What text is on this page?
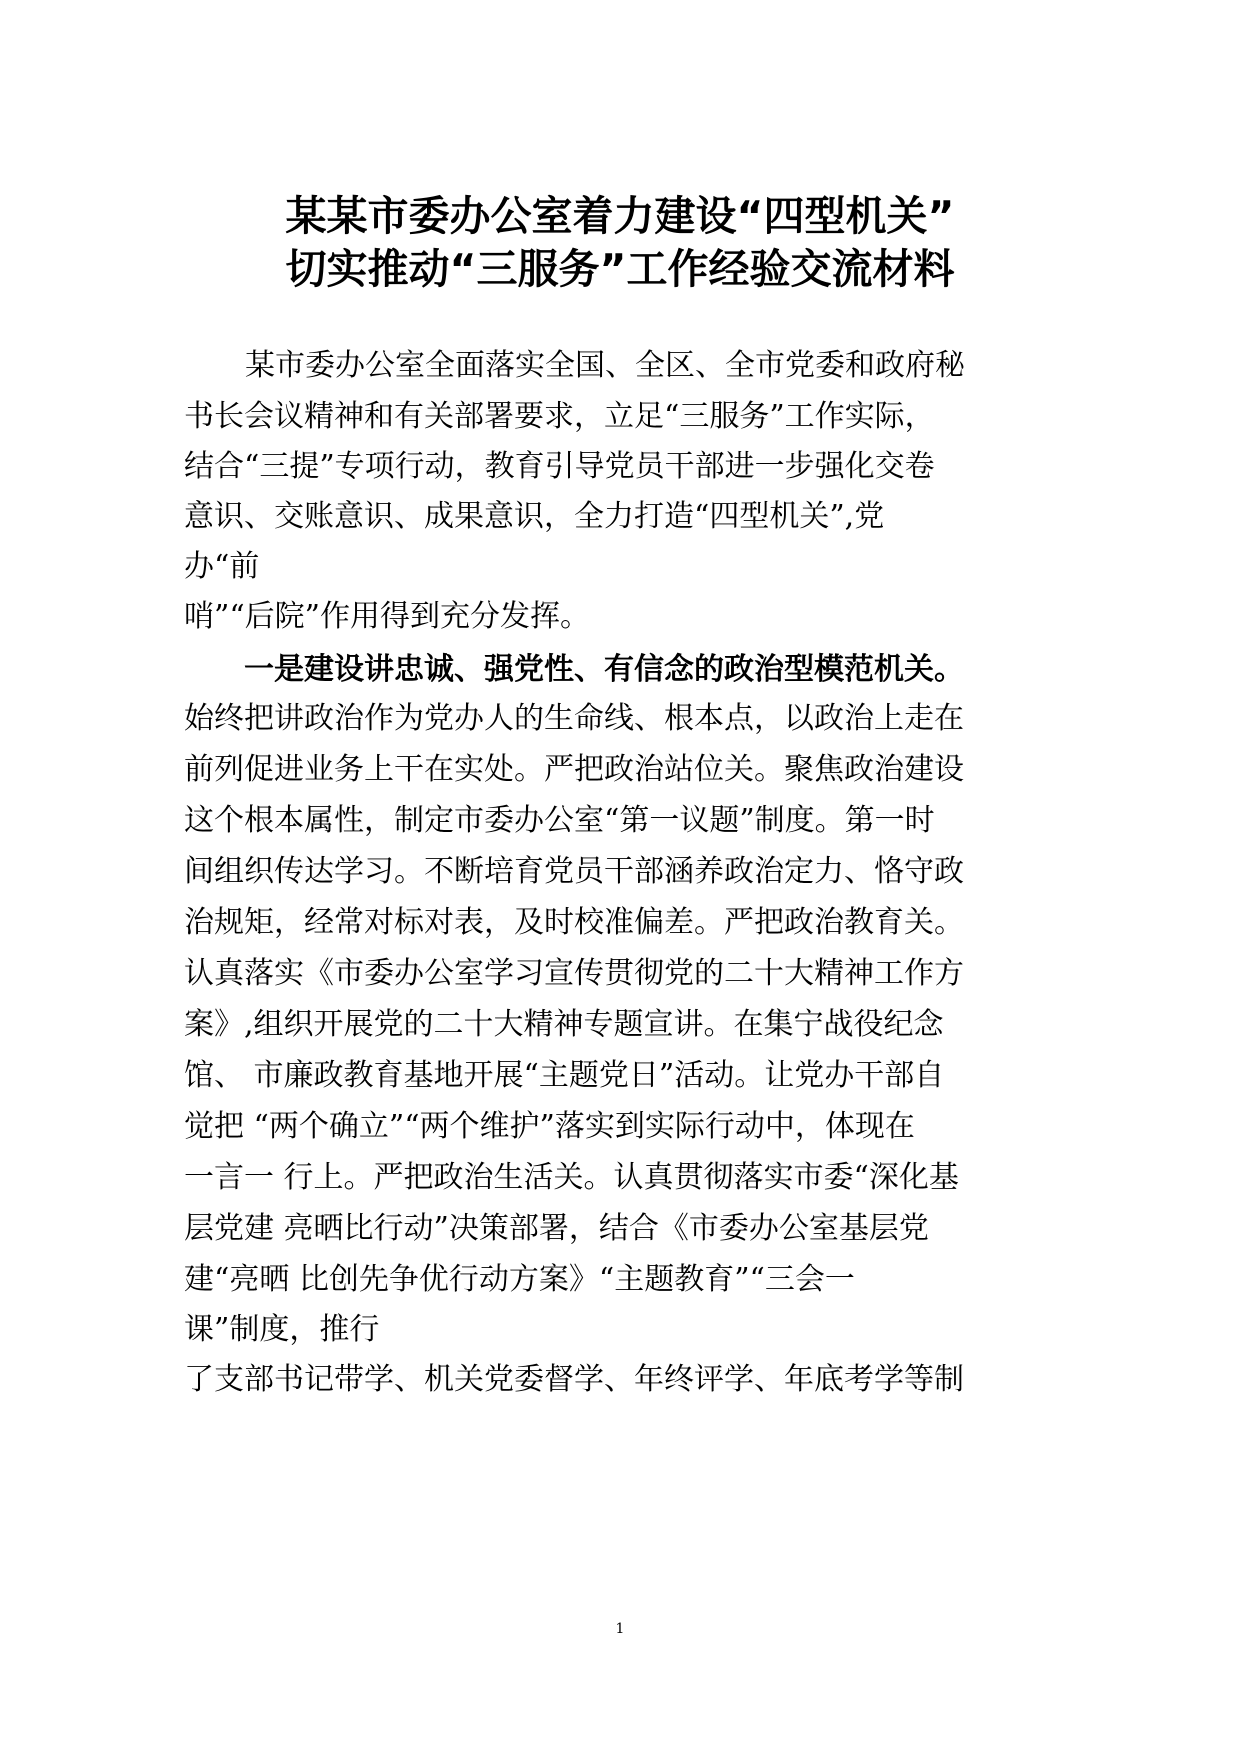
某某市委办公室着力建设“四型机关”
切实推动“三服务”工作经验交流材料
某市委办公室全面落实全国、全区、全市党委和政府秘
书长会议精神和有关部署要求，立足“三服务”工作实际，
结合“三提”专项行动，教育引导党员干部进一步强化交卷
意识、交账意识、成果意识，全力打造“四型机关”,党
办“前
哨”“后院”作用得到充分发挥。
一是建设讲忠诚、强党性、有信念的政治型模范机关。
始终把讲政治作为党办人的生命线、根本点，以政治上走在
前列促进业务上干在实处。严把政治站位关。聚焦政治建设
这个根本属性，制定市委办公室“第一议题”制度。第一时
间组织传达学习。不断培育党员干部涵养政治定力、恪守政
治规矩，经常对标对表，及时校准偏差。严把政治教育关。
认真落实《市委办公室学习宣传贯彻党的二十大精神工作方
案》,组织开展党的二十大精神专题宣讲。在集宁战役纪念
馆、 市廉政教育基地开展“主题党日”活动。让党办干部自
觉把 “两个确立”“两个维护”落实到实际行动中，体现在
一言一 行上。严把政治生活关。认真贯彻落实市委“深化基
层党建 亮晒比行动”决策部署，结合《市委办公室基层党
建“亮晒 比创先争优行动方案》“主题教育”“三会一
课”制度，推行
了支部书记带学、机关党委督学、年终评学、年底考学等制
1
